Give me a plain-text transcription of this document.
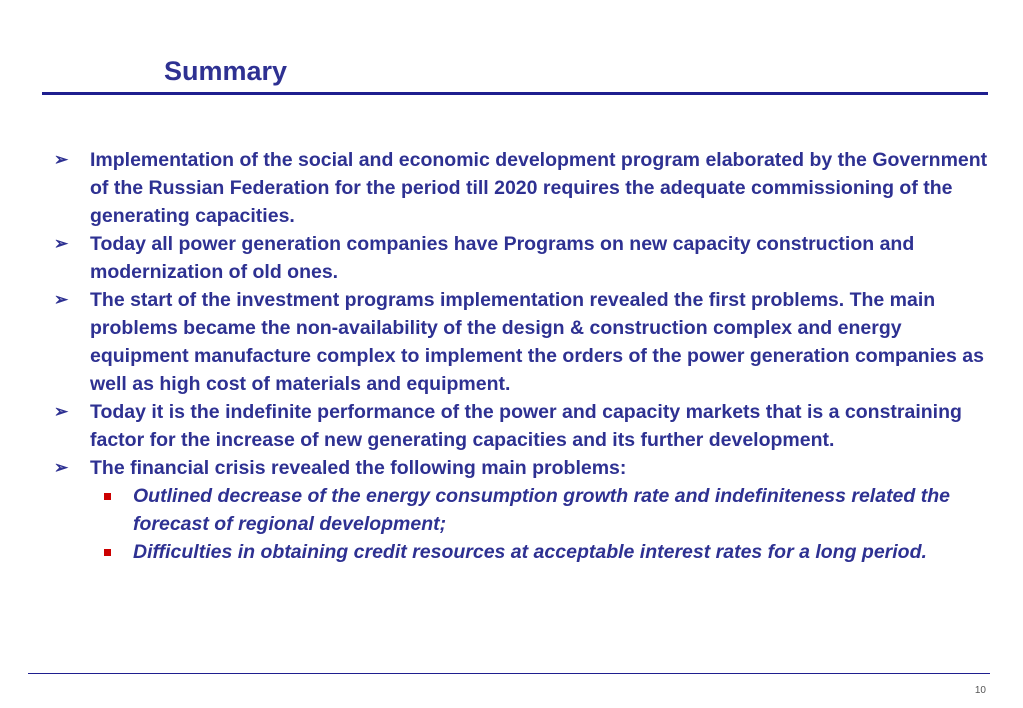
Summary
➢	Implementation of the social and economic development program elaborated by the Government of the Russian Federation for the period till 2020 requires the adequate commissioning of the generating capacities.
➢	Today all power generation companies have Programs on new capacity construction and modernization of old ones.
➢	The start of the investment programs implementation revealed the first problems. The main problems became the non-availability of the design & construction complex and energy equipment manufacture complex to implement the orders of the power generation companies as well as high cost of materials and equipment.
➢	Today it is the indefinite performance of the power and capacity markets that is a constraining factor for the increase of new generating capacities and its further development.
➢	The financial crisis revealed the following main problems:
Outlined decrease of the energy consumption growth rate and indefiniteness related the forecast of regional development;
Difficulties in obtaining credit resources at acceptable interest rates for a long period.
10
